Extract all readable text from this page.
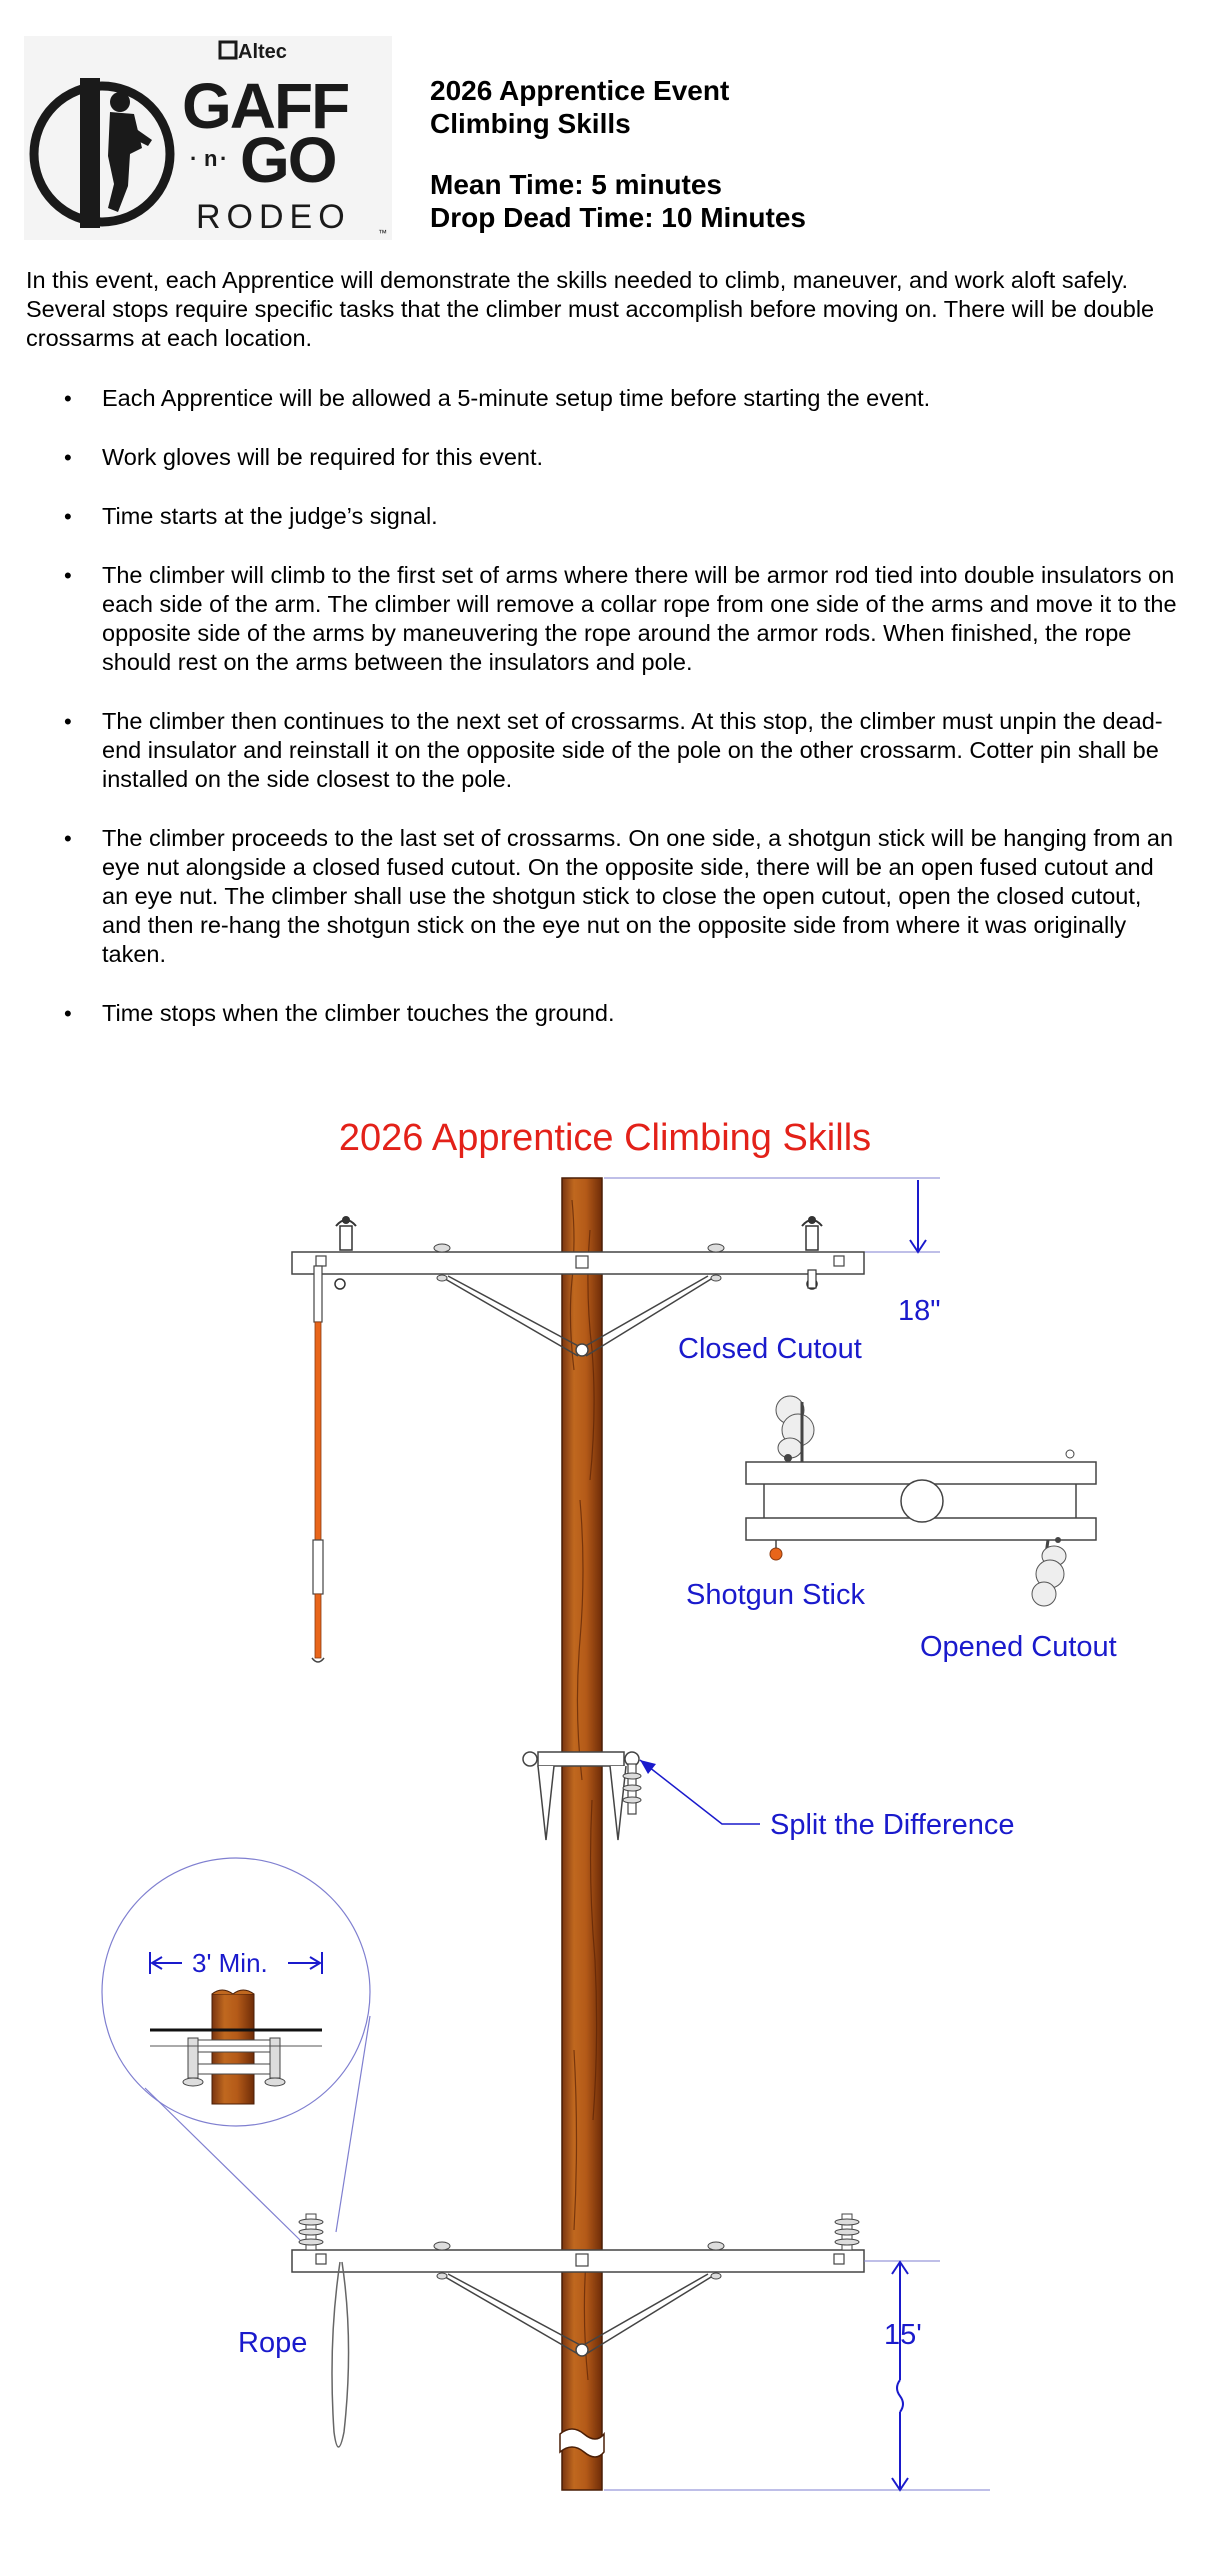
Altec
GAFF
· n · GO
RODEO	™
2026 Apprentice Event
Climbing Skills
Mean Time: 5 minutes
Drop Dead Time: 10 Minutes

In this event, each Apprentice will demonstrate the skills needed to climb, maneuver, and work aloft safely. Several stops require specific tasks that the climber must accomplish before moving on. There will be double crossarms at each location.

• Each Apprentice will be allowed a 5-minute setup time before starting the event.
• Work gloves will be required for this event.
• Time starts at the judge’s signal.
• The climber will climb to the first set of arms where there will be armor rod tied into double insulators on each side of the arm. The climber will remove a collar rope from one side of the arms and move it to the opposite side of the arms by maneuvering the rope around the armor rods. When finished, the rope should rest on the arms between the insulators and pole.
• The climber then continues to the next set of crossarms. At this stop, the climber must unpin the dead-end insulator and reinstall it on the opposite side of the pole on the other crossarm. Cotter pin shall be installed on the side closest to the pole.
• The climber proceeds to the last set of crossarms. On one side, a shotgun stick will be hanging from an eye nut alongside a closed fused cutout. On the opposite side, there will be an open fused cutout and an eye nut. The climber shall use the shotgun stick to close the open cutout, open the closed cutout, and then re-hang the shotgun stick on the eye nut on the opposite side from where it was originally taken.
• Time stops when the climber touches the ground.
2026 Apprentice Climbing Skills
18"
Closed Cutout
Shotgun Stick
Opened Cutout
Split the Difference
3' Min.
Rope	15'
